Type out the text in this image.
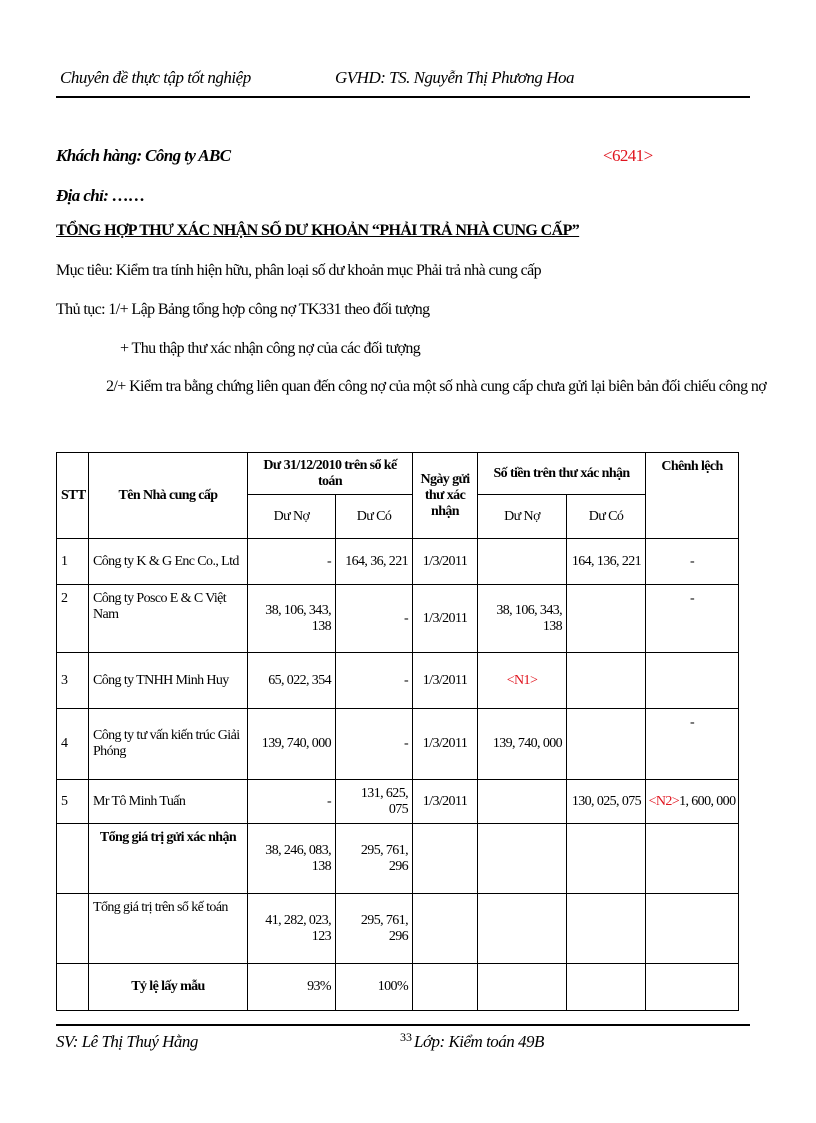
Chuyên đề thực tập tốt nghiệp	GVHD: TS. Nguyễn Thị Phương Hoa
Khách hàng: Công ty ABC	<6241>
Địa chỉ: ……
TỔNG HỢP THƯ XÁC NHẬN SỐ DƯ KHOẢN “PHẢI TRẢ NHÀ CUNG CẤP”
Mục tiêu: Kiểm tra tính hiện hữu, phân loại số dư khoản mục Phải trả nhà cung cấp
Thủ tục: 1/+ Lập Bảng tổng hợp công nợ TK331 theo đối tượng
+ Thu thập thư xác nhận công nợ của các đối tượng
2/+ Kiểm tra bằng chứng liên quan đến công nợ của một số nhà cung cấp chưa gửi lại biên bản đối chiếu công nợ
STT	Tên Nhà cung cấp	Dư 31/12/2010 trên sổ kế toán		Ngày gửi thư xác nhận	Số tiền trên thư xác nhận		Chênh lệch
		Dư Nợ	Dư Có		Dư Nợ	Dư Có	
1	Công ty K & G Enc Co., Ltd	-	164, 36, 221	1/3/2011		164, 136, 221	-
2	Công ty Posco E & C Việt Nam	38, 106, 343, 138	-	1/3/2011	38, 106, 343, 138		-
3	Công ty TNHH Minh Huy	65, 022, 354	-	1/3/2011	<N1>		
4	Công ty tư vấn kiến trúc Giải Phóng	139, 740, 000	-	1/3/2011	139, 740, 000		-
5	Mr Tô Minh Tuấn	-	131, 625, 075	1/3/2011		130, 025, 075	<N2>1, 600, 000
	Tổng giá trị gửi xác nhận	38, 246, 083, 138	295, 761, 296				
	Tổng giá trị trên sổ kế toán	41, 282, 023, 123	295, 761, 296				
	Tỷ lệ lấy mẫu	93%	100%				
SV: Lê Thị Thuý Hằng	33 Lớp: Kiểm toán 49B
